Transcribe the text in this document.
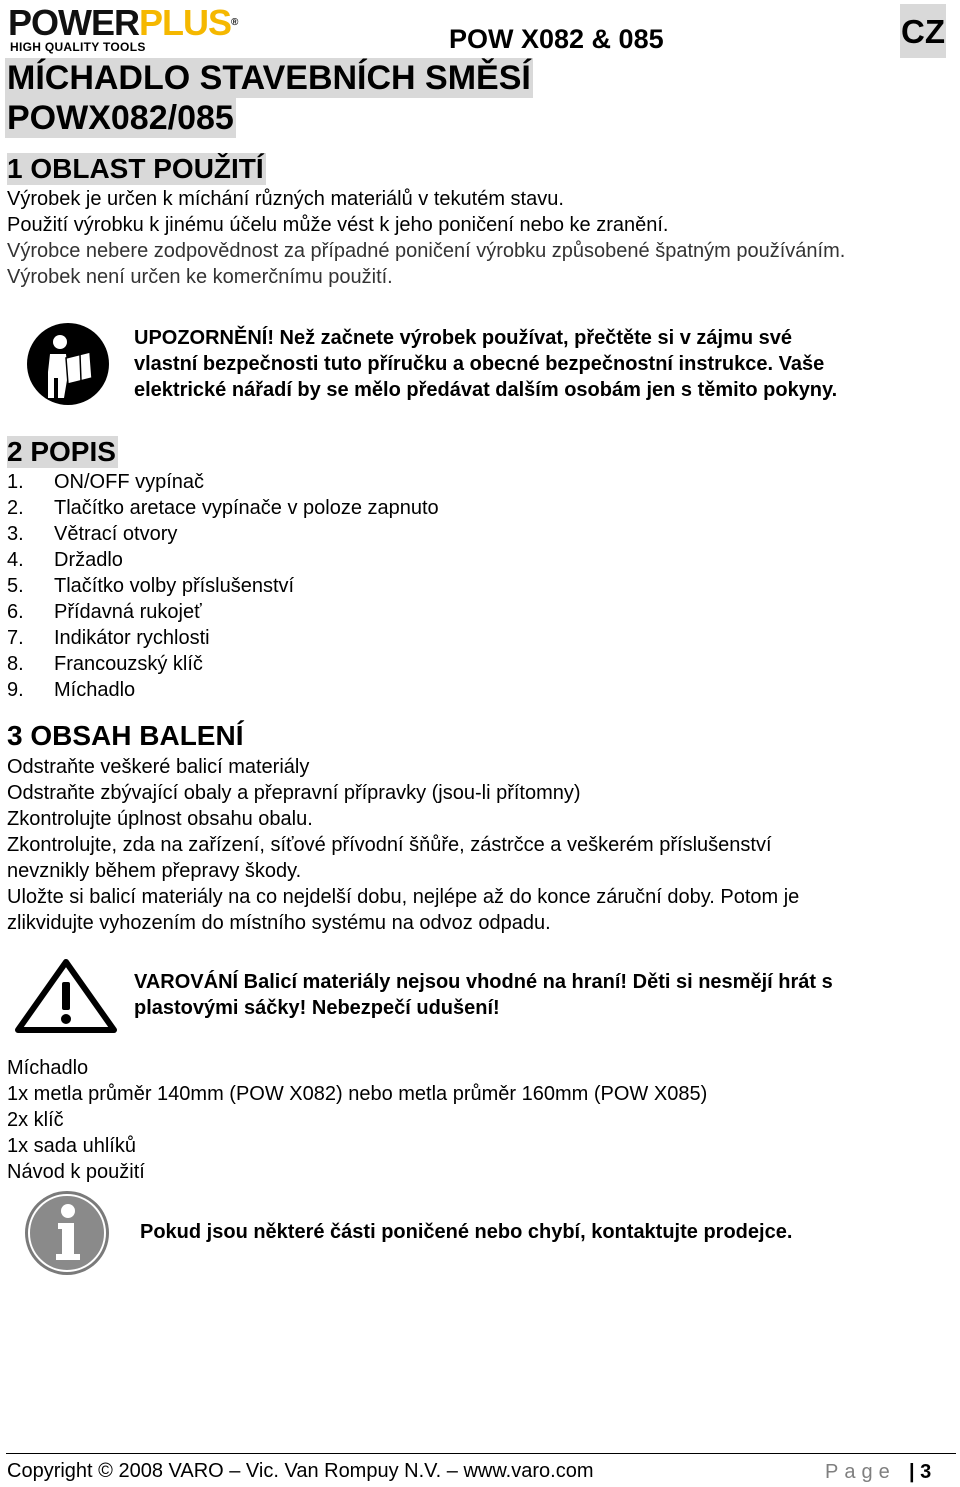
POWERPLUS®
HIGH QUALITY TOOLS	POW X082 & 085	CZ
MÍCHADLO STAVEBNÍCH SMĚSÍ
POWX082/085
1 OBLAST POUŽITÍ
Výrobek je určen k míchání různých materiálů v tekutém stavu.
Použití výrobku k jinému účelu může vést k jeho poničení nebo ke zranění.
Výrobce nebere zodpovědnost za případné poničení výrobku způsobené špatným používáním.
Výrobek není určen ke komerčnímu použití.
UPOZORNĚNÍ! Než začnete výrobek používat, přečtěte si v zájmu své
vlastní bezpečnosti tuto příručku a obecné bezpečnostní instrukce. Vaše
elektrické nářadí by se mělo předávat dalším osobám jen s těmito pokyny.
2 POPIS
1. ON/OFF vypínač
2. Tlačítko aretace vypínače v poloze zapnuto
3. Větrací otvory
4. Držadlo
5. Tlačítko volby příslušenství
6. Přídavná rukojeť
7. Indikátor rychlosti
8. Francouzský klíč
9. Míchadlo
3 OBSAH BALENÍ
Odstraňte veškeré balicí materiály
Odstraňte zbývající obaly a přepravní přípravky (jsou-li přítomny)
Zkontrolujte úplnost obsahu obalu.
Zkontrolujte, zda na zařízení, síťové přívodní šňůře, zástrčce a veškerém příslušenství
nevznikly během přepravy škody.
Uložte si balicí materiály na co nejdelší dobu, nejlépe až do konce záruční doby. Potom je
zlikvidujte vyhozením do místního systému na odvoz odpadu.
VAROVÁNÍ Balicí materiály nejsou vhodné na hraní! Děti si nesmějí hrát s
plastovými sáčky! Nebezpečí udušení!
Míchadlo
1x metla průměr 140mm (POW X082) nebo metla průměr 160mm (POW X085)
2x klíč
1x sada uhlíků
Návod k použití
Pokud jsou některé části poničené nebo chybí, kontaktujte prodejce.
Copyright © 2008 VARO – Vic. Van Rompuy N.V. – www.varo.com	Page | 3
